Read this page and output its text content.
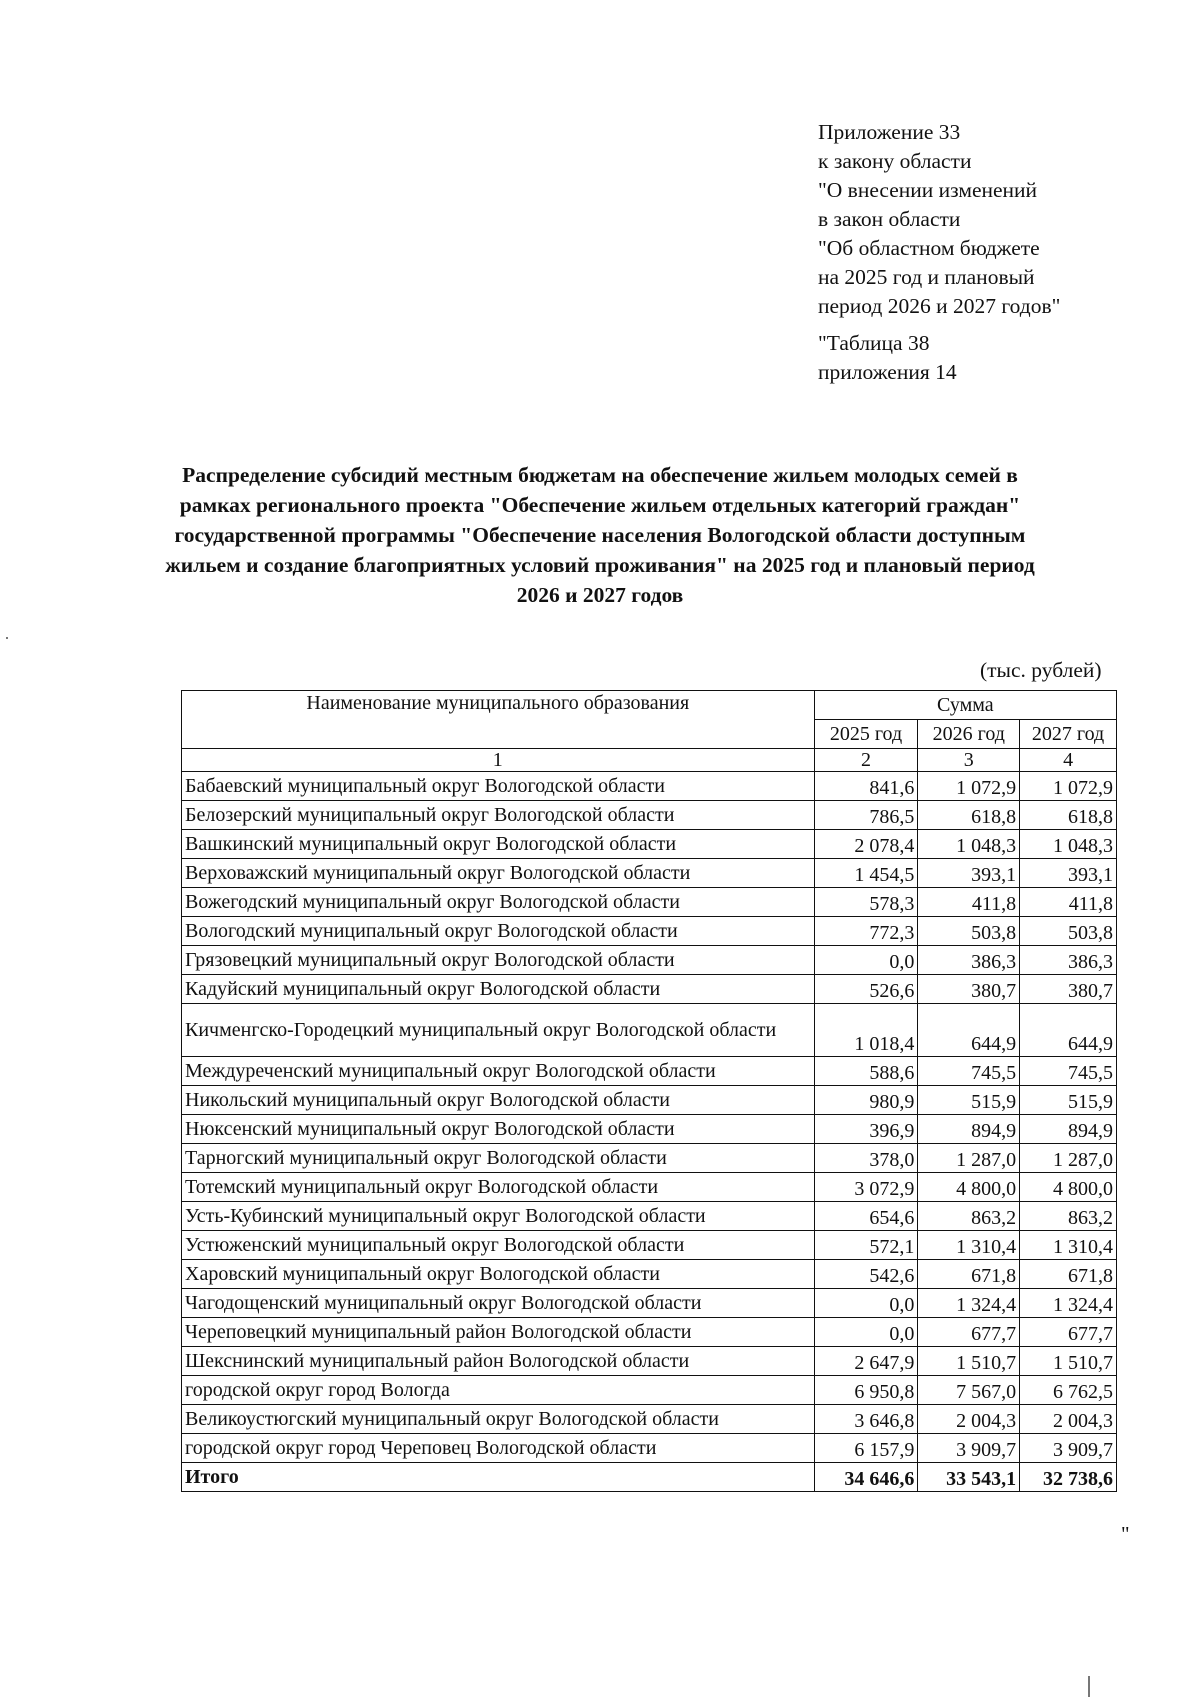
Приложение 33
к закону области
"О внесении изменений
в закон области
"Об областном бюджете
на 2025 год и плановый
период 2026 и 2027 годов"
"Таблица 38
приложения 14
Распределение субсидий местным бюджетам на обеспечение жильем молодых семей в рамках регионального проекта "Обеспечение жильем отдельных категорий граждан" государственной программы "Обеспечение населения Вологодской области доступным жильем и создание благоприятных условий проживания" на 2025 год и плановый период 2026 и 2027 годов
(тыс. рублей)
Наименование муниципального образования	Сумма		
	2025 год	2026 год	2027 год
1	2	3	4
Бабаевский муниципальный округ Вологодской области	841,6	1 072,9	1 072,9
Белозерский муниципальный округ Вологодской области	786,5	618,8	618,8
Вашкинский муниципальный округ Вологодской области	2 078,4	1 048,3	1 048,3
Верховажский муниципальный округ Вологодской области	1 454,5	393,1	393,1
Вожегодский муниципальный округ Вологодской области	578,3	411,8	411,8
Вологодский муниципальный округ Вологодской области	772,3	503,8	503,8
Грязовецкий муниципальный округ Вологодской области	0,0	386,3	386,3
Кадуйский муниципальный округ Вологодской области	526,6	380,7	380,7
Кичменгско-Городецкий муниципальный округ Вологодской области	1 018,4	644,9	644,9
Междуреченский муниципальный округ Вологодской области	588,6	745,5	745,5
Никольский муниципальный округ Вологодской области	980,9	515,9	515,9
Нюксенский муниципальный округ Вологодской области	396,9	894,9	894,9
Тарногский муниципальный округ Вологодской области	378,0	1 287,0	1 287,0
Тотемский муниципальный округ Вологодской области	3 072,9	4 800,0	4 800,0
Усть-Кубинский муниципальный округ Вологодской области	654,6	863,2	863,2
Устюженский муниципальный округ Вологодской области	572,1	1 310,4	1 310,4
Харовский муниципальный округ Вологодской области	542,6	671,8	671,8
Чагодощенский муниципальный округ Вологодской области	0,0	1 324,4	1 324,4
Череповецкий муниципальный район Вологодской области	0,0	677,7	677,7
Шекснинский муниципальный район Вологодской области	2 647,9	1 510,7	1 510,7
городской округ город Вологда	6 950,8	7 567,0	6 762,5
Великоустюгский муниципальный округ Вологодской области	3 646,8	2 004,3	2 004,3
городской округ город Череповец Вологодской области	6 157,9	3 909,7	3 909,7
Итого	34 646,6	33 543,1	32 738,6
"
